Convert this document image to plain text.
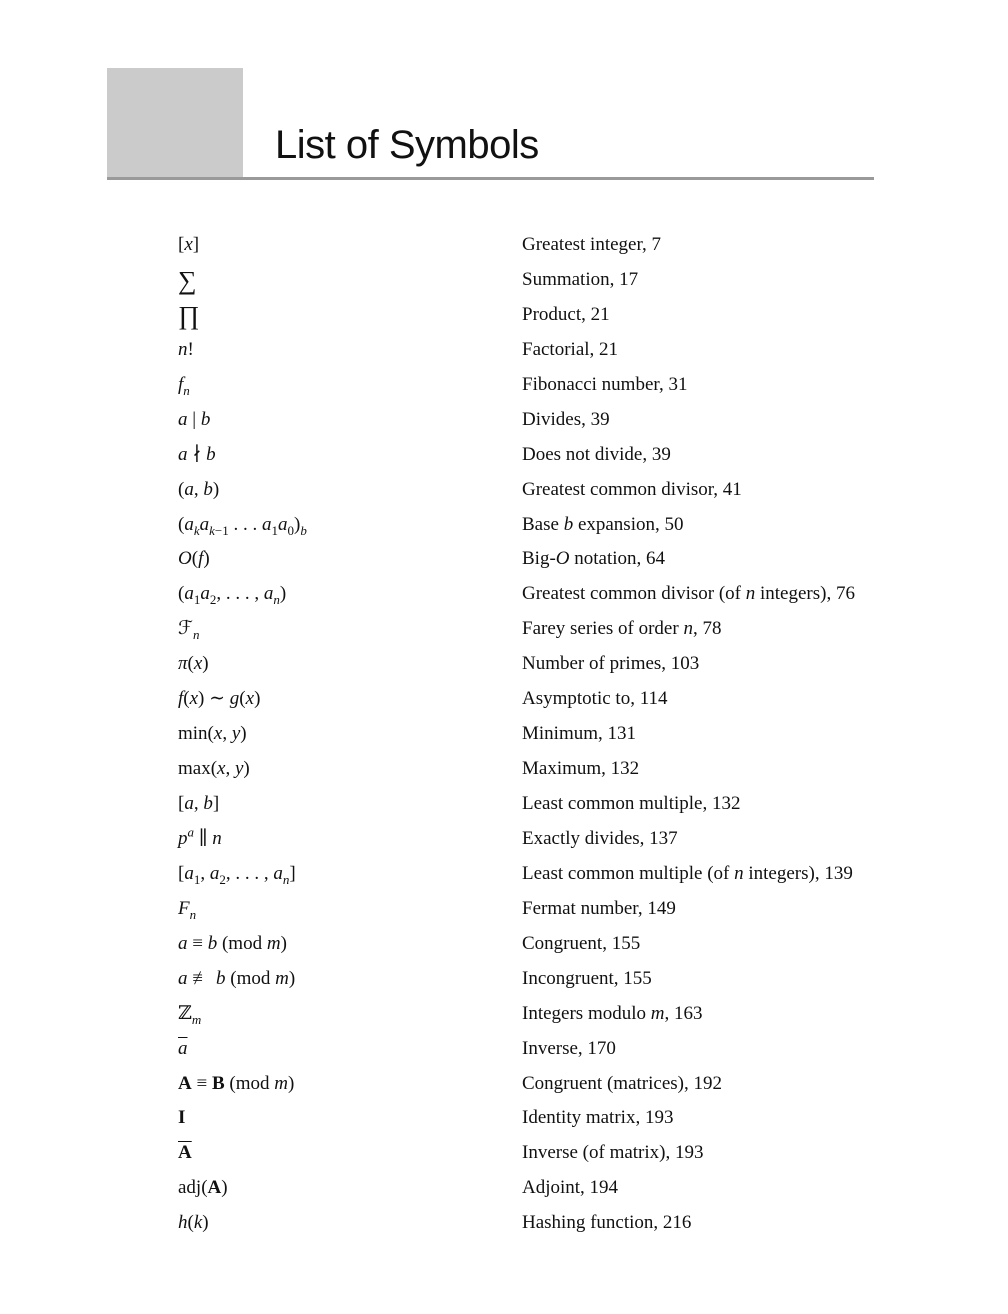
List of Symbols
[x]	Greatest integer, 7
∑	Summation, 17
∏	Product, 21
n!	Factorial, 21
$f_n$	Fibonacci number, 31
a | b	Divides, 39
a ∤ b	Does not divide, 39
(a, b)	Greatest common divisor, 41
($a_ka_{k-1}$ . . . $a_1a_0)_b$	Base b expansion, 50
O(f)	Big-O notation, 64
($a_1a_2$, . . . , $a_n$)	Greatest common divisor (of n integers), 76
ℱ$_n$	Farey series of order n, 78
π(x)	Number of primes, 103
f(x) ∼ g(x)	Asymptotic to, 114
min(x, y)	Minimum, 131
max(x, y)	Maximum, 132
[a, b]	Least common multiple, 132
$p^a$ ∥ n	Exactly divides, 137
[$a_1$, $a_2$, . . . , $a_n$]	Least common multiple (of n integers), 139
$F_n$	Fermat number, 149
a ≡ b (mod m)	Congruent, 155
a ≢ b (mod m)	Incongruent, 155
ℤ$_m$	Integers modulo m, 163
$\overline{a}$	Inverse, 170
A ≡ B (mod m)	Congruent (matrices), 192
I	Identity matrix, 193
$\overline{A}$	Inverse (of matrix), 193
adj(A)	Adjoint, 194
h(k)	Hashing function, 216
